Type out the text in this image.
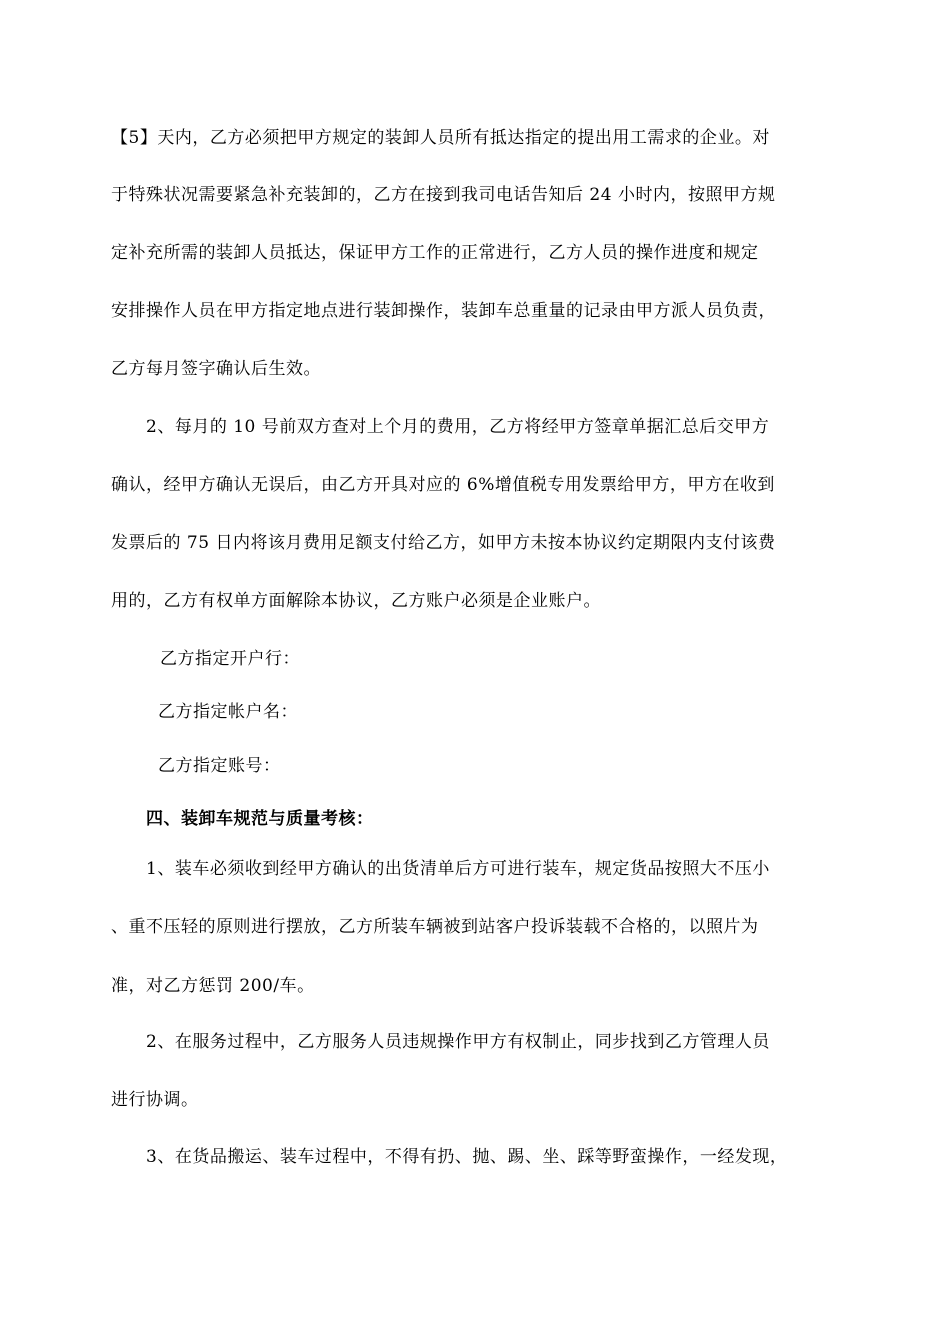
【5】天内，乙方必须把甲方规定的装卸人员所有抵达指定的提出用工需求的企业。对
于特殊状况需要紧急补充装卸的，乙方在接到我司电话告知后 24 小时内，按照甲方规
定补充所需的装卸人员抵达，保证甲方工作的正常进行，乙方人员的操作进度和规定
安排操作人员在甲方指定地点进行装卸操作，装卸车总重量的记录由甲方派人员负责，
乙方每月签字确认后生效。
2、每月的 10 号前双方查对上个月的费用，乙方将经甲方签章单据汇总后交甲方
确认，经甲方确认无误后，由乙方开具对应的 6%增值税专用发票给甲方，甲方在收到
发票后的 75 日内将该月费用足额支付给乙方，如甲方未按本协议约定期限内支付该费
用的，乙方有权单方面解除本协议，乙方账户必须是企业账户。
乙方指定开户行：
乙方指定帐户名：
乙方指定账号：
四、装卸车规范与质量考核：
1、装车必须收到经甲方确认的出货清单后方可进行装车，规定货品按照大不压小
、重不压轻的原则进行摆放，乙方所装车辆被到站客户投诉装载不合格的，以照片为
准，对乙方惩罚 200/车。
2、在服务过程中，乙方服务人员违规操作甲方有权制止，同步找到乙方管理人员
进行协调。
3、在货品搬运、装车过程中，不得有扔、抛、踢、坐、踩等野蛮操作，一经发现，
